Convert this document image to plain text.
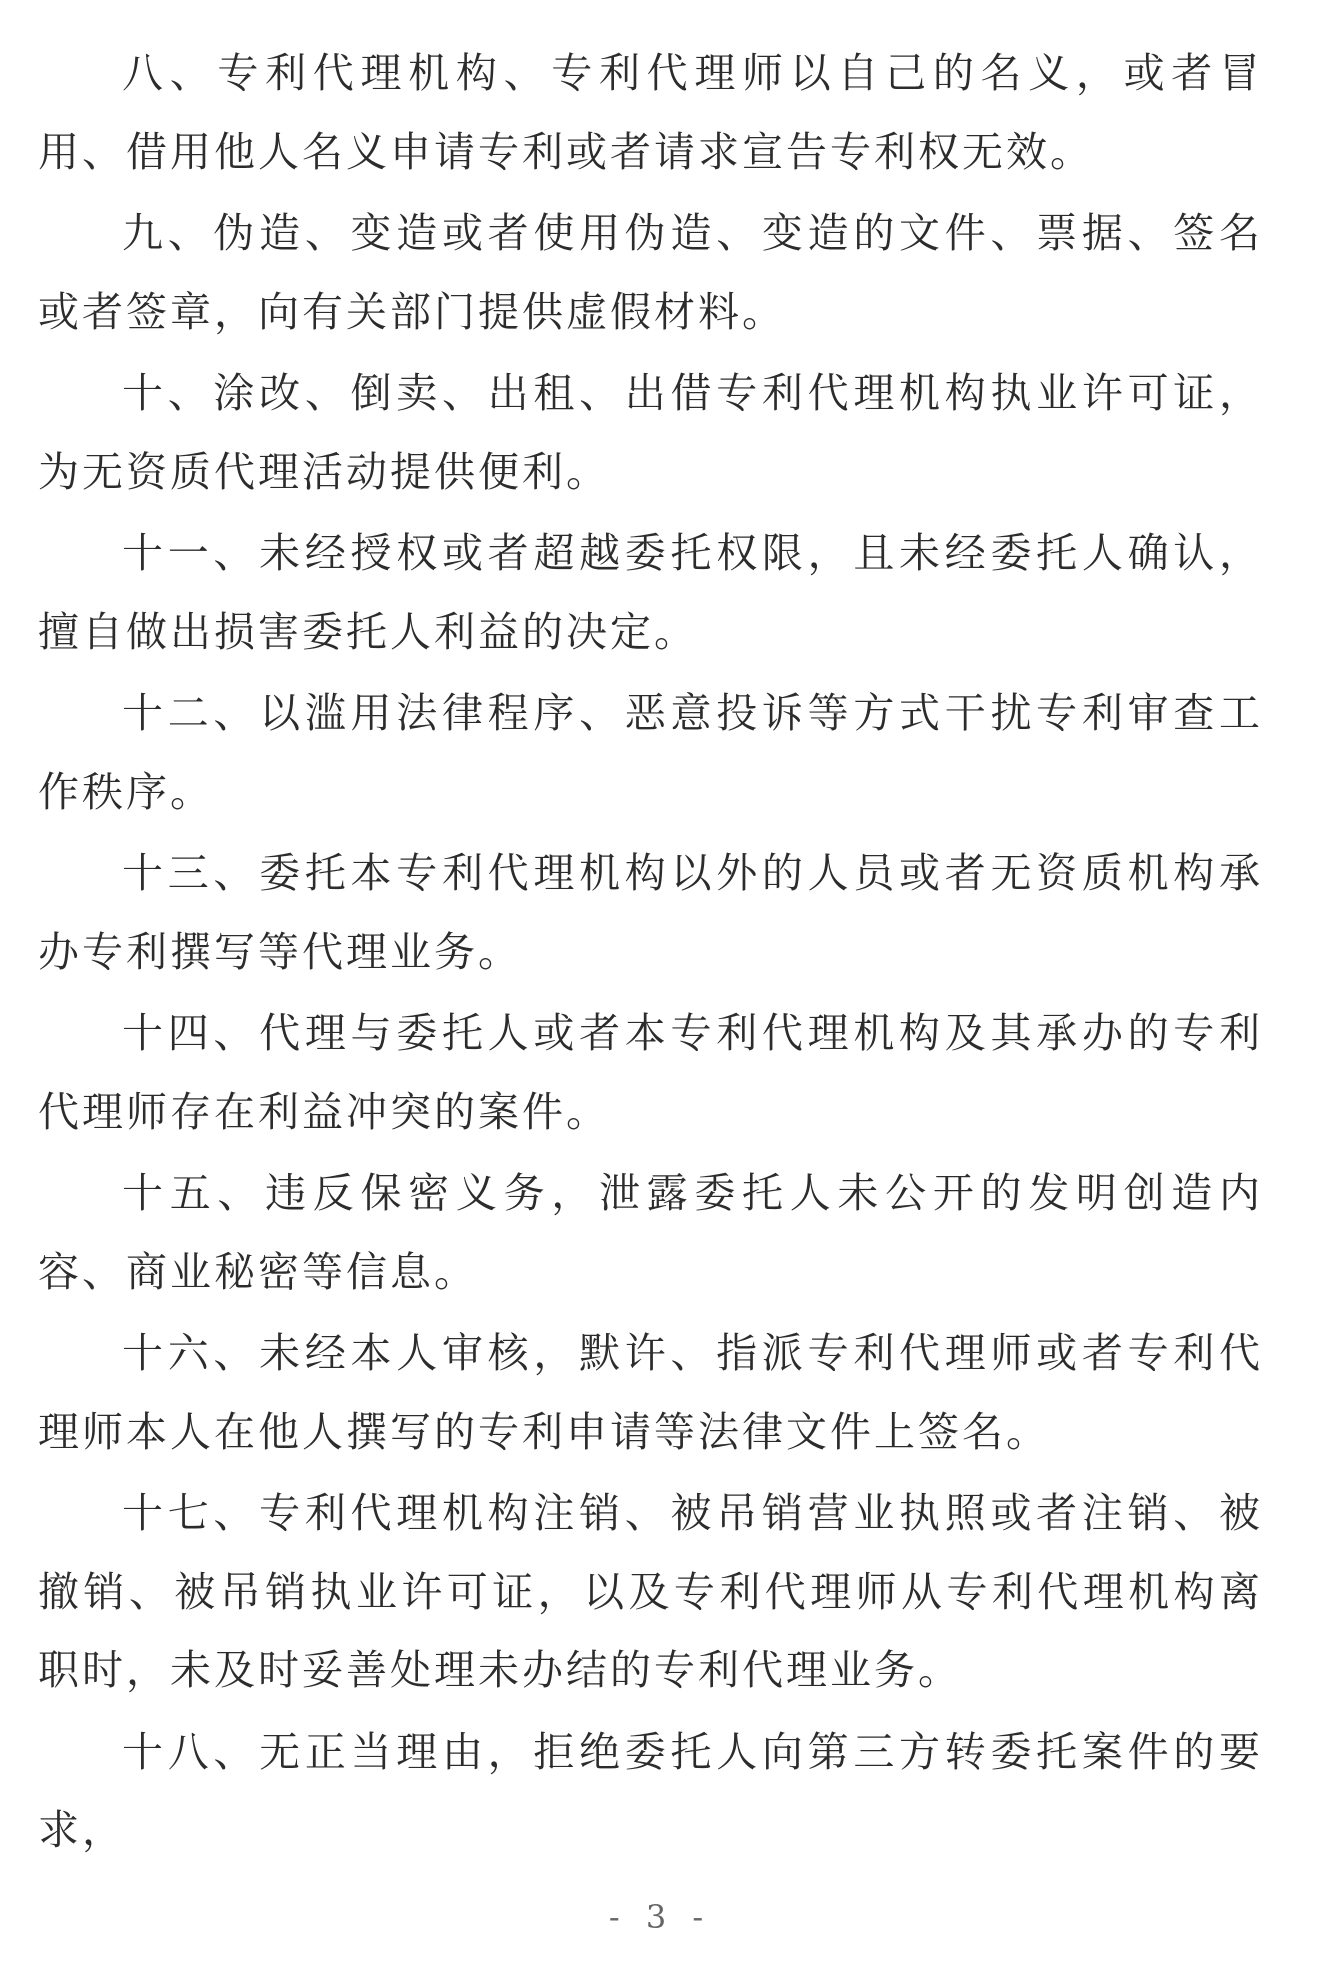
八、专利代理机构、专利代理师以自己的名义，或者冒用、借用他人名义申请专利或者请求宣告专利权无效。

九、伪造、变造或者使用伪造、变造的文件、票据、签名或者签章，向有关部门提供虚假材料。

十、涂改、倒卖、出租、出借专利代理机构执业许可证，为无资质代理活动提供便利。

十一、未经授权或者超越委托权限，且未经委托人确认，擅自做出损害委托人利益的决定。

十二、以滥用法律程序、恶意投诉等方式干扰专利审查工作秩序。

十三、委托本专利代理机构以外的人员或者无资质机构承办专利撰写等代理业务。

十四、代理与委托人或者本专利代理机构及其承办的专利代理师存在利益冲突的案件。

十五、违反保密义务，泄露委托人未公开的发明创造内容、商业秘密等信息。

十六、未经本人审核，默许、指派专利代理师或者专利代理师本人在他人撰写的专利申请等法律文件上签名。

十七、专利代理机构注销、被吊销营业执照或者注销、被撤销、被吊销执业许可证，以及专利代理师从专利代理机构离职时，未及时妥善处理未办结的专利代理业务。

十八、无正当理由，拒绝委托人向第三方转委托案件的要求，

- 3 -
